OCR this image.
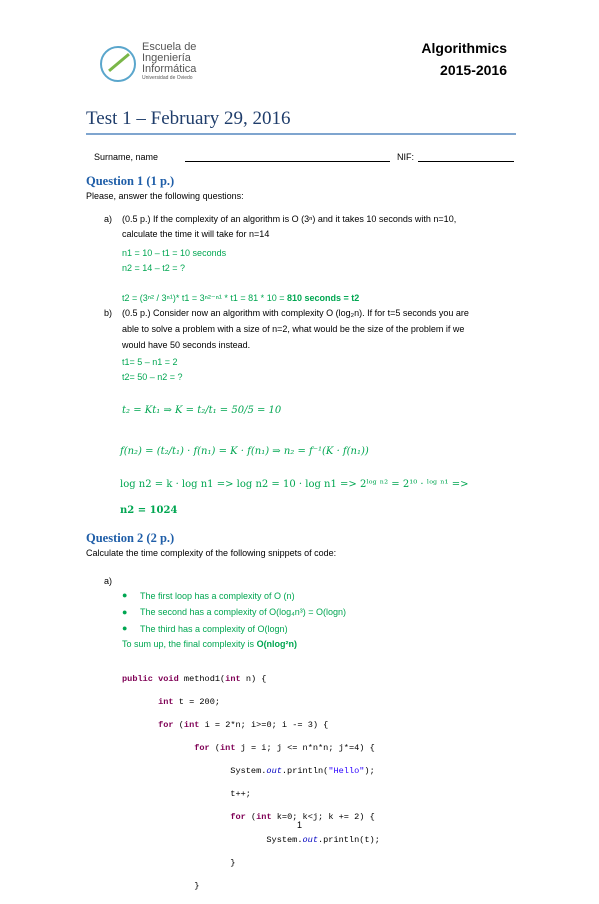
Escuela de
Ingeniería
Informática
Universidad de Oviedo
Algorithmics
2015-2016
Test 1 – February 29, 2016
Surname, name	NIF:
Question 1 (1 p.)
Please, answer the following questions:
a) (0.5 p.) If the complexity of an algorithm is O (3ⁿ) and it takes 10 seconds with n=10,
calculate the time it will take for n=14
n1 = 10 – t1 = 10 seconds
n2 = 14 – t2 = ?
t2 = (3ⁿ² / 3ⁿ¹)* t1 = 3ⁿ²⁻ⁿ¹ * t1 = 81 * 10 = 810 seconds = t2
b) (0.5 p.) Consider now an algorithm with complexity O (log₂n). If for t=5 seconds you are
able to solve a problem with a size of n=2, what would be the size of the problem if we
would have 50 seconds instead.
t1= 5 – n1 = 2
t2= 50 – n2 = ?
t₂ = Kt₁ ⇒ K = t₂/t₁ = 50/5 = 10
f(n₂) = (t₂/t₁) · f(n₁) = K · f(n₁) ⇒ n₂ = f⁻¹(K · f(n₁))
log n2 = k · log n1 => log n2 = 10 · log n1 => 2ˡᵒᵍ ⁿ² = 2¹⁰ · ˡᵒᵍ ⁿ¹ =>
n2 = 1024
Question 2 (2 p.)
Calculate the time complexity of the following snippets of code:
a)
● The first loop has a complexity of O (n)
● The second has a complexity of O(log₄n³) = O(logn)
● The third has a complexity of O(logn)
To sum up, the final complexity is O(nlog²n)

public void method1(int n) {

int t = 200;

for (int i = 2*n; i>=0; i -= 3) {

for (int j = i; j <= n*n*n; j*=4) {

System.out.println("Hello");

t++;

for (int k=0; k<j; k += 2) {

System.out.println(t);

}

}

1
